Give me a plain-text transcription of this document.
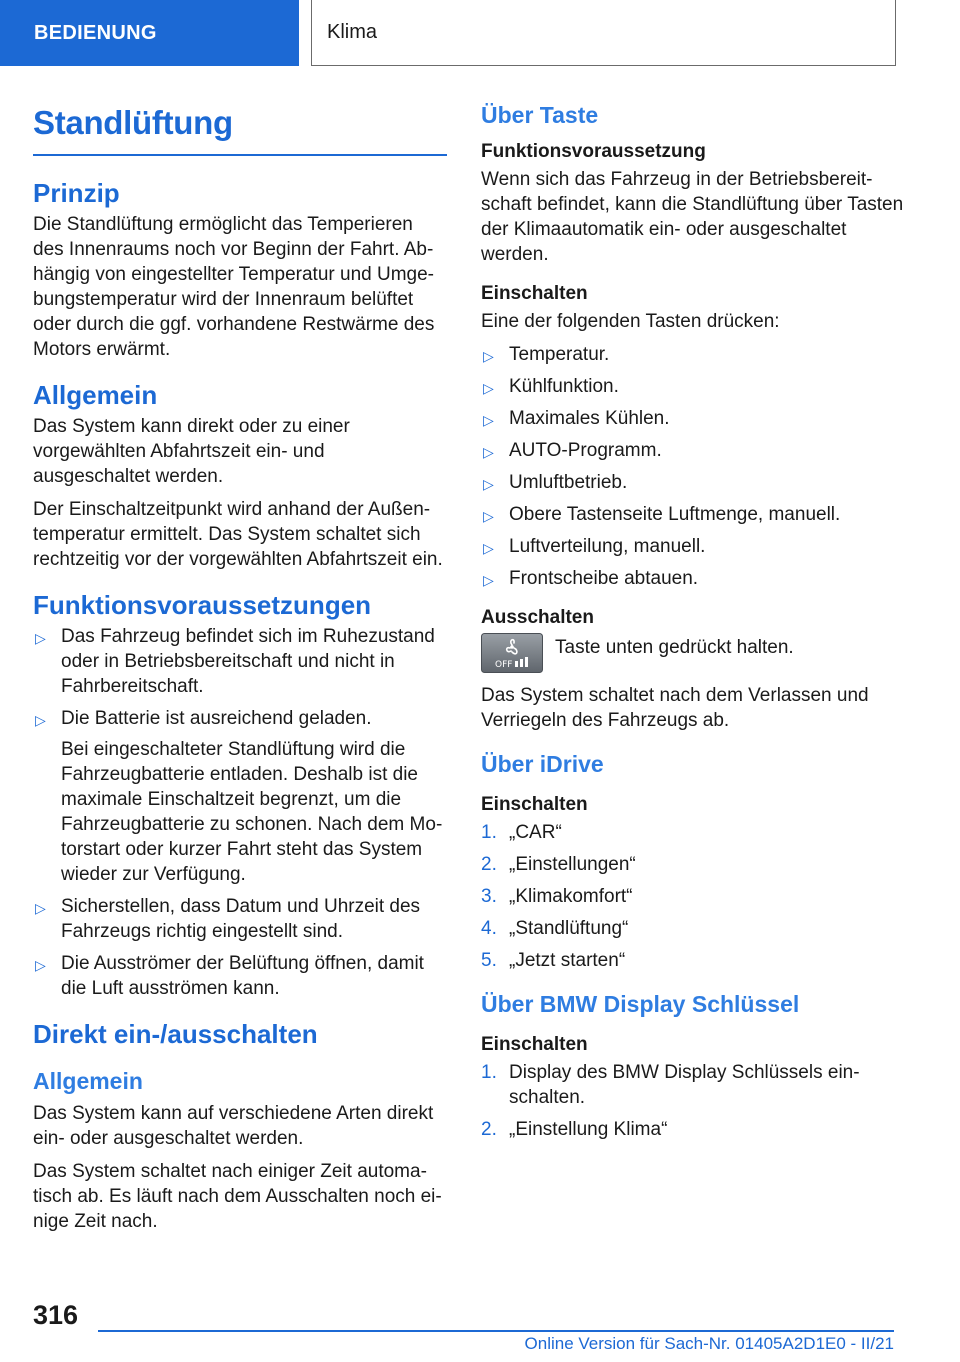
BEDIENUNG	Klima
Standlüftung
Prinzip

Die Standlüftung ermöglicht das Temperieren des Innenraums noch vor Beginn der Fahrt. Abhängig von eingestellter Temperatur und Umgebungstemperatur wird der Innenraum belüftet oder durch die ggf. vorhandene Restwärme des Motors erwärmt.

Allgemein

Das System kann direkt oder zu einer vorgewählten Abfahrtszeit ein- und ausgeschaltet werden.

Der Einschaltzeitpunkt wird anhand der Außentemperatur ermittelt. Das System schaltet sich rechtzeitig vor der vorgewählten Abfahrtszeit ein.

Funktionsvoraussetzungen
▷ Das Fahrzeug befindet sich im Ruhezustand oder in Betriebsbereitschaft und nicht in Fahrbereitschaft.
▷ Die Batterie ist ausreichend geladen.
Bei eingeschalteter Standlüftung wird die Fahrzeugbatterie entladen. Deshalb ist die maximale Einschaltzeit begrenzt, um die Fahrzeugbatterie zu schonen. Nach dem Motorstart oder kurzer Fahrt steht das System wieder zur Verfügung.
▷ Sicherstellen, dass Datum und Uhrzeit des Fahrzeugs richtig eingestellt sind.
▷ Die Ausströmer der Belüftung öffnen, damit die Luft ausströmen kann.
Direkt ein-/ausschalten
Allgemein

Das System kann auf verschiedene Arten direkt ein- oder ausgeschaltet werden.

Das System schaltet nach einiger Zeit automatisch ab. Es läuft nach dem Ausschalten noch einige Zeit nach.

Über Taste
Funktionsvoraussetzung

Wenn sich das Fahrzeug in der Betriebsbereitschaft befindet, kann die Standlüftung über Tasten der Klimaautomatik ein- oder ausgeschaltet werden.

Einschalten

Eine der folgenden Tasten drücken:

▷ Temperatur.
▷ Kühlfunktion.
▷ Maximales Kühlen.
▷ AUTO-Programm.
▷ Umluftbetrieb.
▷ Obere Tastenseite Luftmenge, manuell.
▷ Luftverteilung, manuell.
▷ Frontscheibe abtauen.
Ausschalten
OFF

Taste unten gedrückt halten.

Das System schaltet nach dem Verlassen und Verriegeln des Fahrzeugs ab.

Über iDrive
Einschalten
1. „CAR“
2. „Einstellungen“
3. „Klimakomfort“
4. „Standlüftung“
5. „Jetzt starten“
Über BMW Display Schlüssel
Einschalten
1. Display des BMW Display Schlüssels einschalten.
2. „Einstellung Klima“
316
Online Version für Sach-Nr. 01405A2D1E0 - II/21
